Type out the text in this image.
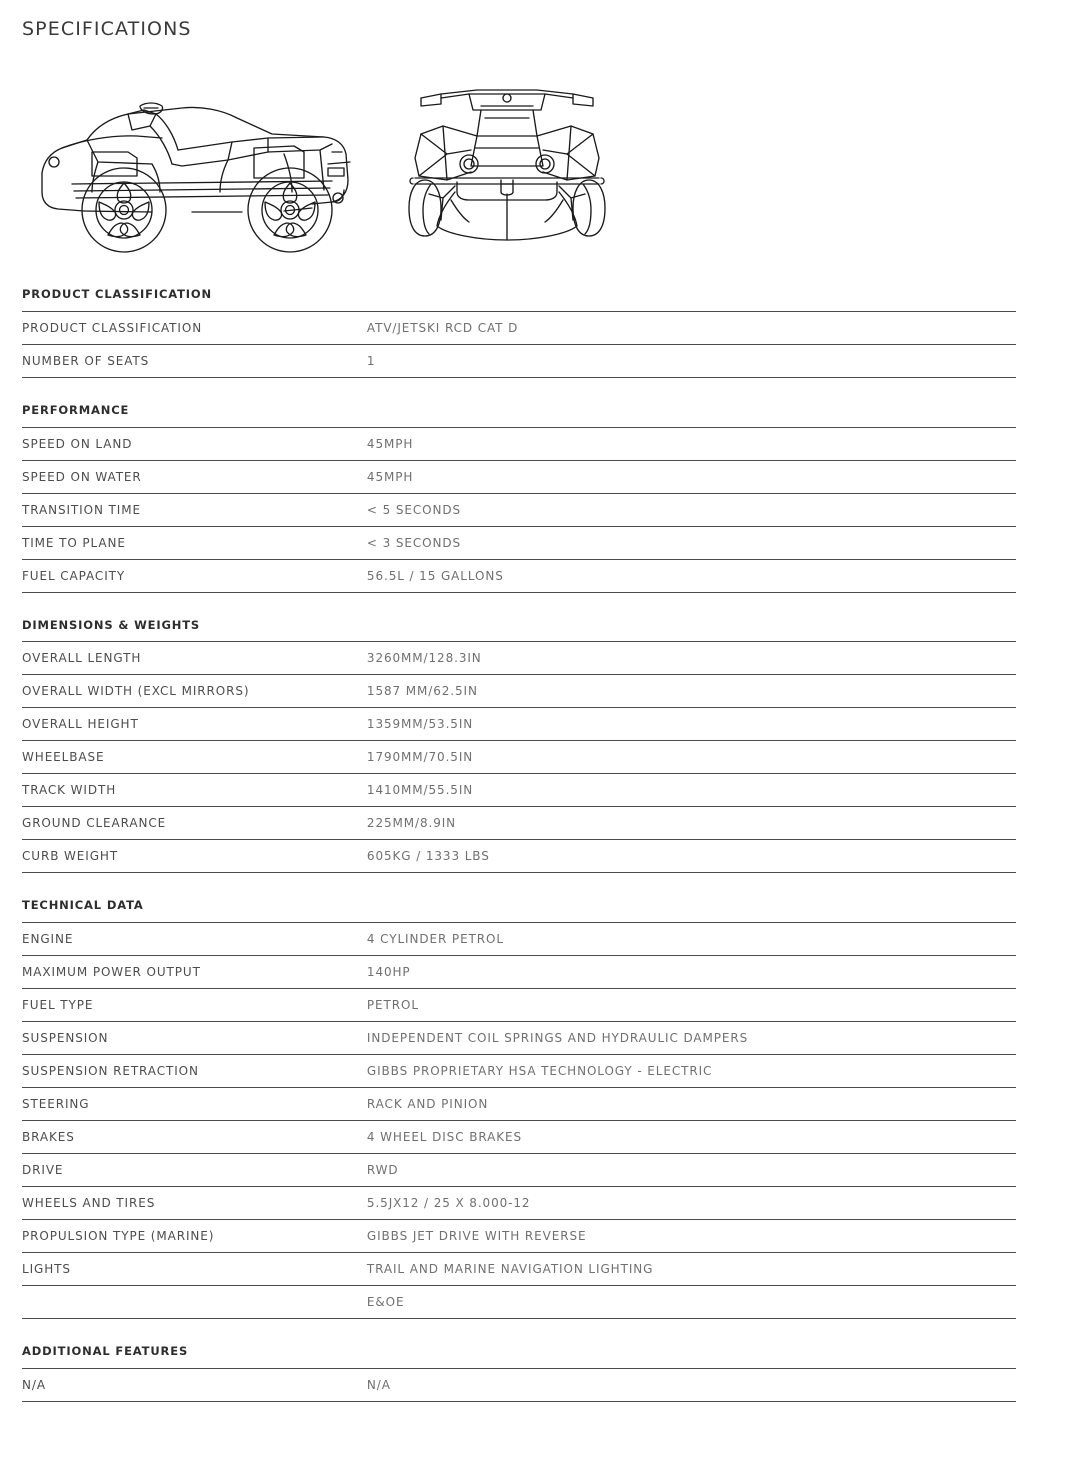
SPECIFICATIONS
PRODUCT CLASSIFICATION
PRODUCT CLASSIFICATION	ATV/JETSKI RCD CAT D
NUMBER OF SEATS	1
PERFORMANCE
SPEED ON LAND	45MPH
SPEED ON WATER	45MPH
TRANSITION TIME	< 5 SECONDS
TIME TO PLANE	< 3 SECONDS
FUEL CAPACITY	56.5L / 15 GALLONS
DIMENSIONS & WEIGHTS
OVERALL LENGTH	3260MM/128.3IN
OVERALL WIDTH (EXCL MIRRORS)	1587 MM/62.5IN
OVERALL HEIGHT	1359MM/53.5IN
WHEELBASE	1790MM/70.5IN
TRACK WIDTH	1410MM/55.5IN
GROUND CLEARANCE	225MM/8.9IN
CURB WEIGHT	605KG / 1333 LBS
TECHNICAL DATA
ENGINE	4 CYLINDER PETROL
MAXIMUM POWER OUTPUT	140HP
FUEL TYPE	PETROL
SUSPENSION	INDEPENDENT COIL SPRINGS AND HYDRAULIC DAMPERS
SUSPENSION RETRACTION	GIBBS PROPRIETARY HSA TECHNOLOGY - ELECTRIC
STEERING	RACK AND PINION
BRAKES	4 WHEEL DISC BRAKES
DRIVE	RWD
WHEELS AND TIRES	5.5JX12 / 25 X 8.000-12
PROPULSION TYPE (MARINE)	GIBBS JET DRIVE WITH REVERSE
LIGHTS	TRAIL AND MARINE NAVIGATION LIGHTING
	E&OE
ADDITIONAL FEATURES
N/A	N/A
